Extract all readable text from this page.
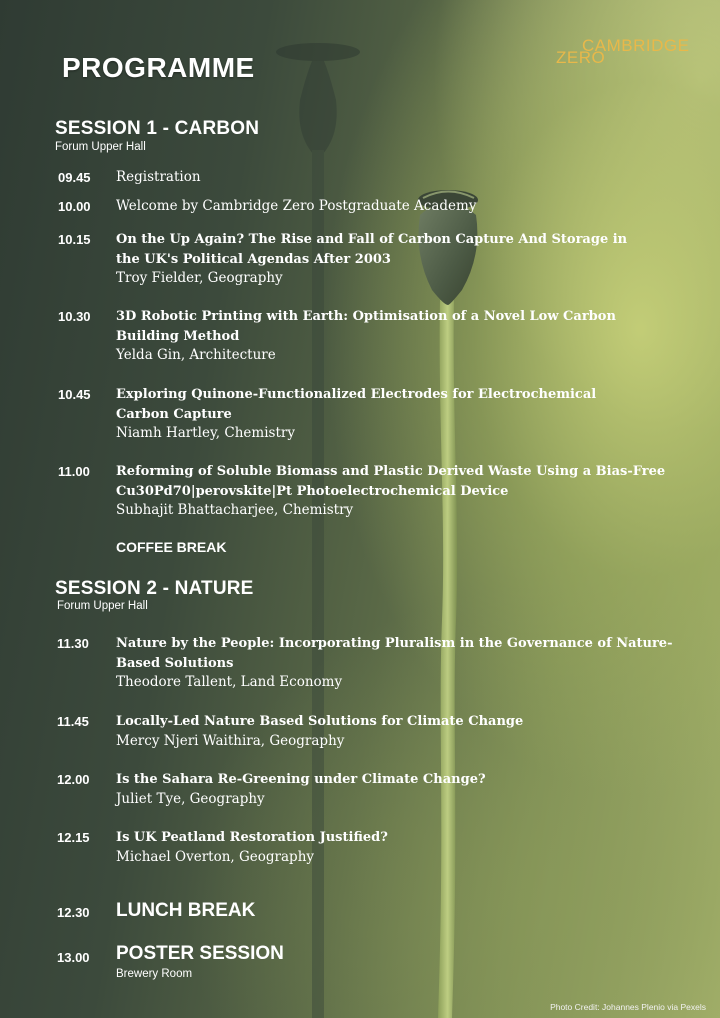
PROGRAMME
CAMBRIDGE
ZERO
SESSION 1 - CARBON
Forum Upper Hall
09.45	Registration
10.00	Welcome by Cambridge Zero Postgraduate Academy
10.15	On the Up Again? The Rise and Fall of Carbon Capture And Storage in
the UK's Political Agendas After 2003
Troy Fielder, Geography
10.30	3D Robotic Printing with Earth: Optimisation of a Novel Low Carbon
Building Method
Yelda Gin, Architecture
10.45	Exploring Quinone-Functionalized Electrodes for Electrochemical
Carbon Capture
Niamh Hartley, Chemistry
11.00	Reforming of Soluble Biomass and Plastic Derived Waste Using a Bias-Free
Cu30Pd70|perovskite|Pt Photoelectrochemical Device
Subhajit Bhattacharjee, Chemistry
COFFEE BREAK
SESSION 2 - NATURE
Forum Upper Hall
11.30	Nature by the People: Incorporating Pluralism in the Governance of Nature-
Based Solutions
Theodore Tallent, Land Economy
11.45	Locally-Led Nature Based Solutions for Climate Change
Mercy Njeri Waithira, Geography
12.00	Is the Sahara Re-Greening under Climate Change?
Juliet Tye, Geography
12.15	Is UK Peatland Restoration Justified?
Michael Overton, Geography
12.30	LUNCH BREAK
13.00	POSTER SESSION
Brewery Room
Photo Credit: Johannes Plenio via Pexels
